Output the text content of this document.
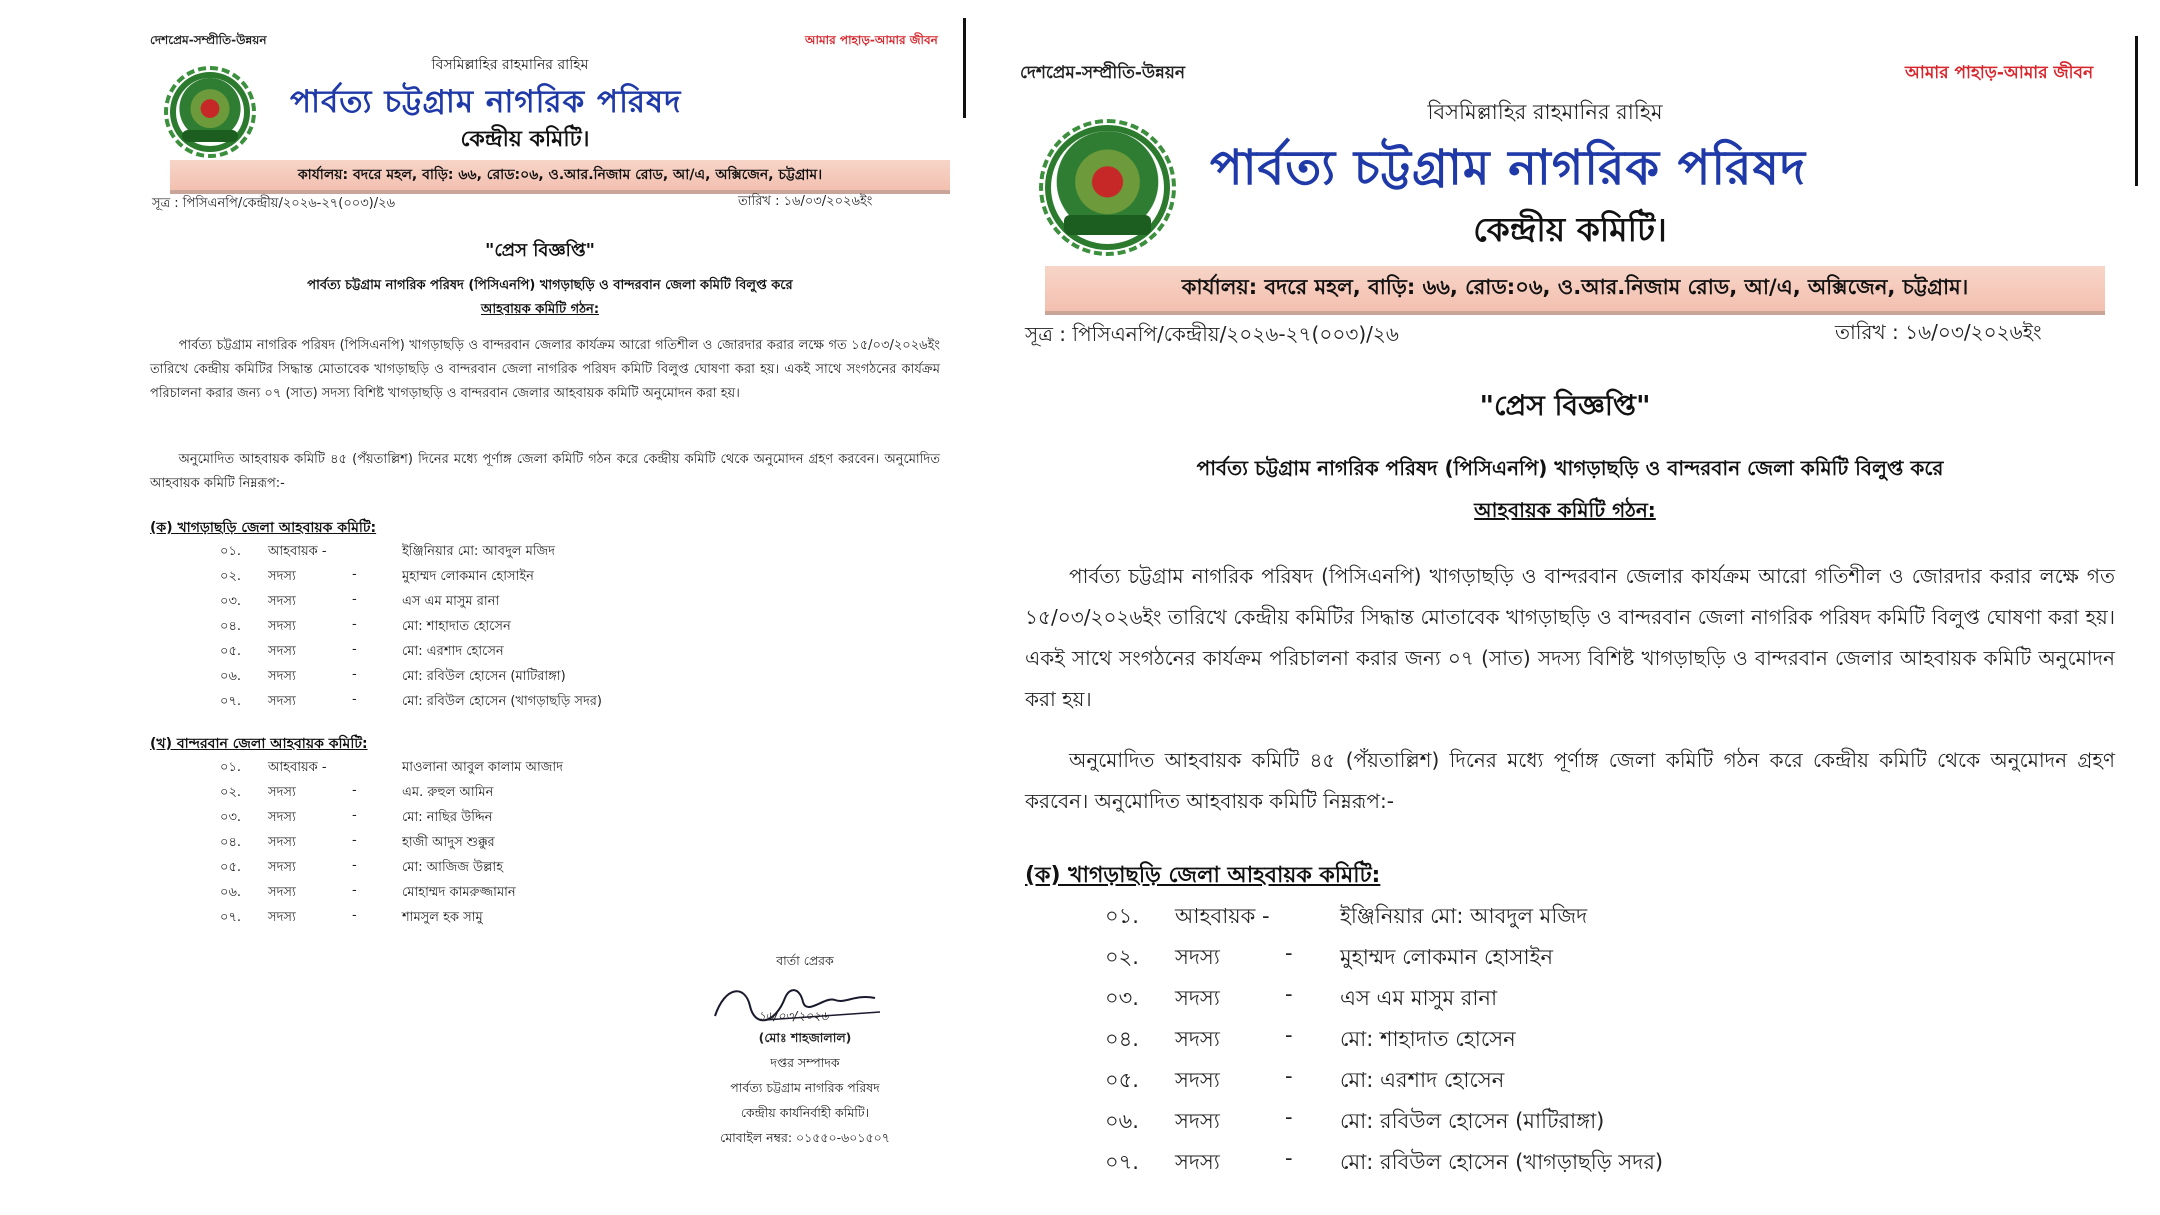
দেশপ্রেম-সম্প্রীতি-উন্নয়ন	আমার পাহাড়-আমার জীবন
বিসমিল্লাহির রাহমানির রাহিম
পার্বত্য চট্টগ্রাম নাগরিক পরিষদ
কেন্দ্রীয় কমিটি।
কার্যালয়: বদরে মহল, বাড়ি: ৬৬, রোড:০৬, ও.আর.নিজাম রোড, আ/এ, অক্সিজেন, চট্টগ্রাম।
সূত্র : পিসিএনপি/কেন্দ্রীয়/২০২৬-২৭(০০৩)/২৬	তারিখ : ১৬/০৩/২০২৬ইং
"প্রেস বিজ্ঞপ্তি"
পার্বত্য চট্টগ্রাম নাগরিক পরিষদ (পিসিএনপি) খাগড়াছড়ি ও বান্দরবান জেলা কমিটি বিলুপ্ত করে
আহবায়ক কমিটি গঠন:
পার্বত্য চট্টগ্রাম নাগরিক পরিষদ (পিসিএনপি) খাগড়াছড়ি ও বান্দরবান জেলার কার্যক্রম আরো গতিশীল ও জোরদার করার লক্ষে গত ১৫/০৩/২০২৬ইং তারিখে কেন্দ্রীয় কমিটির সিদ্ধান্ত মোতাবেক খাগড়াছড়ি ও বান্দরবান জেলা নাগরিক পরিষদ কমিটি বিলুপ্ত ঘোষণা করা হয়। একই সাথে সংগঠনের কার্যক্রম পরিচালনা করার জন্য ০৭ (সাত) সদস্য বিশিষ্ট খাগড়াছড়ি ও বান্দরবান জেলার আহবায়ক কমিটি অনুমোদন করা হয়।
অনুমোদিত আহবায়ক কমিটি ৪৫ (পঁয়তাল্লিশ) দিনের মধ্যে পূর্ণাঙ্গ জেলা কমিটি গঠন করে কেন্দ্রীয় কমিটি থেকে অনুমোদন গ্রহণ করবেন। অনুমোদিত আহবায়ক কমিটি নিম্নরূপ:-
(ক) খাগড়াছড়ি জেলা আহবায়ক কমিটি:
০১. আহবায়ক -	ইঞ্জিনিয়ার মো: আবদুল মজিদ
০২. সদস্য	-	মুহাম্মদ লোকমান হোসাইন
০৩. সদস্য	-	এস এম মাসুম রানা
০৪. সদস্য	-	মো: শাহাদাত হোসেন
০৫. সদস্য	-	মো: এরশাদ হোসেন
০৬. সদস্য	-	মো: রবিউল হোসেন (মাটিরাঙ্গা)
০৭. সদস্য	-	মো: রবিউল হোসেন (খাগড়াছড়ি সদর)
(খ) বান্দরবান জেলা আহবায়ক কমিটি:
০১. আহবায়ক -	মাওলানা আবুল কালাম আজাদ
০২. সদস্য	-	এম. রুহুল আমিন
০৩. সদস্য	-	মো: নাছির উদ্দিন
০৪. সদস্য	-	হাজী আদুস শুক্কুর
০৫. সদস্য	-	মো: আজিজ উল্লাহ
০৬. সদস্য	-	মোহাম্মদ কামরুজ্জামান
০৭. সদস্য	-	শামসুল হক সামু
বার্তা প্রেরক
১৬/০৩/২০২৬
(মোঃ শাহজালাল)
দপ্তর সম্পাদক
পার্বত্য চট্টগ্রাম নাগরিক পরিষদ
কেন্দ্রীয় কার্যনির্বাহী কমিটি।
মোবাইল নম্বর: ০১৫৫০-৬০১৫০৭
দেশপ্রেম-সম্প্রীতি-উন্নয়ন	আমার পাহাড়-আমার জীবন
বিসমিল্লাহির রাহমানির রাহিম
পার্বত্য চট্টগ্রাম নাগরিক পরিষদ
কেন্দ্রীয় কমিটি।
কার্যালয়: বদরে মহল, বাড়ি: ৬৬, রোড:০৬, ও.আর.নিজাম রোড, আ/এ, অক্সিজেন, চট্টগ্রাম।
সূত্র : পিসিএনপি/কেন্দ্রীয়/২০২৬-২৭(০০৩)/২৬	তারিখ : ১৬/০৩/২০২৬ইং
"প্রেস বিজ্ঞপ্তি"
পার্বত্য চট্টগ্রাম নাগরিক পরিষদ (পিসিএনপি) খাগড়াছড়ি ও বান্দরবান জেলা কমিটি বিলুপ্ত করে
আহবায়ক কমিটি গঠন:
পার্বত্য চট্টগ্রাম নাগরিক পরিষদ (পিসিএনপি) খাগড়াছড়ি ও বান্দরবান জেলার কার্যক্রম আরো গতিশীল ও জোরদার করার লক্ষে গত ১৫/০৩/২০২৬ইং তারিখে কেন্দ্রীয় কমিটির সিদ্ধান্ত মোতাবেক খাগড়াছড়ি ও বান্দরবান জেলা নাগরিক পরিষদ কমিটি বিলুপ্ত ঘোষণা করা হয়। একই সাথে সংগঠনের কার্যক্রম পরিচালনা করার জন্য ০৭ (সাত) সদস্য বিশিষ্ট খাগড়াছড়ি ও বান্দরবান জেলার আহবায়ক কমিটি অনুমোদন করা হয়।
অনুমোদিত আহবায়ক কমিটি ৪৫ (পঁয়তাল্লিশ) দিনের মধ্যে পূর্ণাঙ্গ জেলা কমিটি গঠন করে কেন্দ্রীয় কমিটি থেকে অনুমোদন গ্রহণ করবেন। অনুমোদিত আহবায়ক কমিটি নিম্নরূপ:-
(ক) খাগড়াছড়ি জেলা আহবায়ক কমিটি:
০১. আহবায়ক -	ইঞ্জিনিয়ার মো: আবদুল মজিদ
০২. সদস্য	- মুহাম্মদ লোকমান হোসাইন
০৩. সদস্য	- এস এম মাসুম রানা
০৪. সদস্য	- মো: শাহাদাত হোসেন
০৫. সদস্য	- মো: এরশাদ হোসেন
০৬. সদস্য	- মো: রবিউল হোসেন (মাটিরাঙ্গা)
০৭. সদস্য	- মো: রবিউল হোসেন (খাগড়াছড়ি সদর)
